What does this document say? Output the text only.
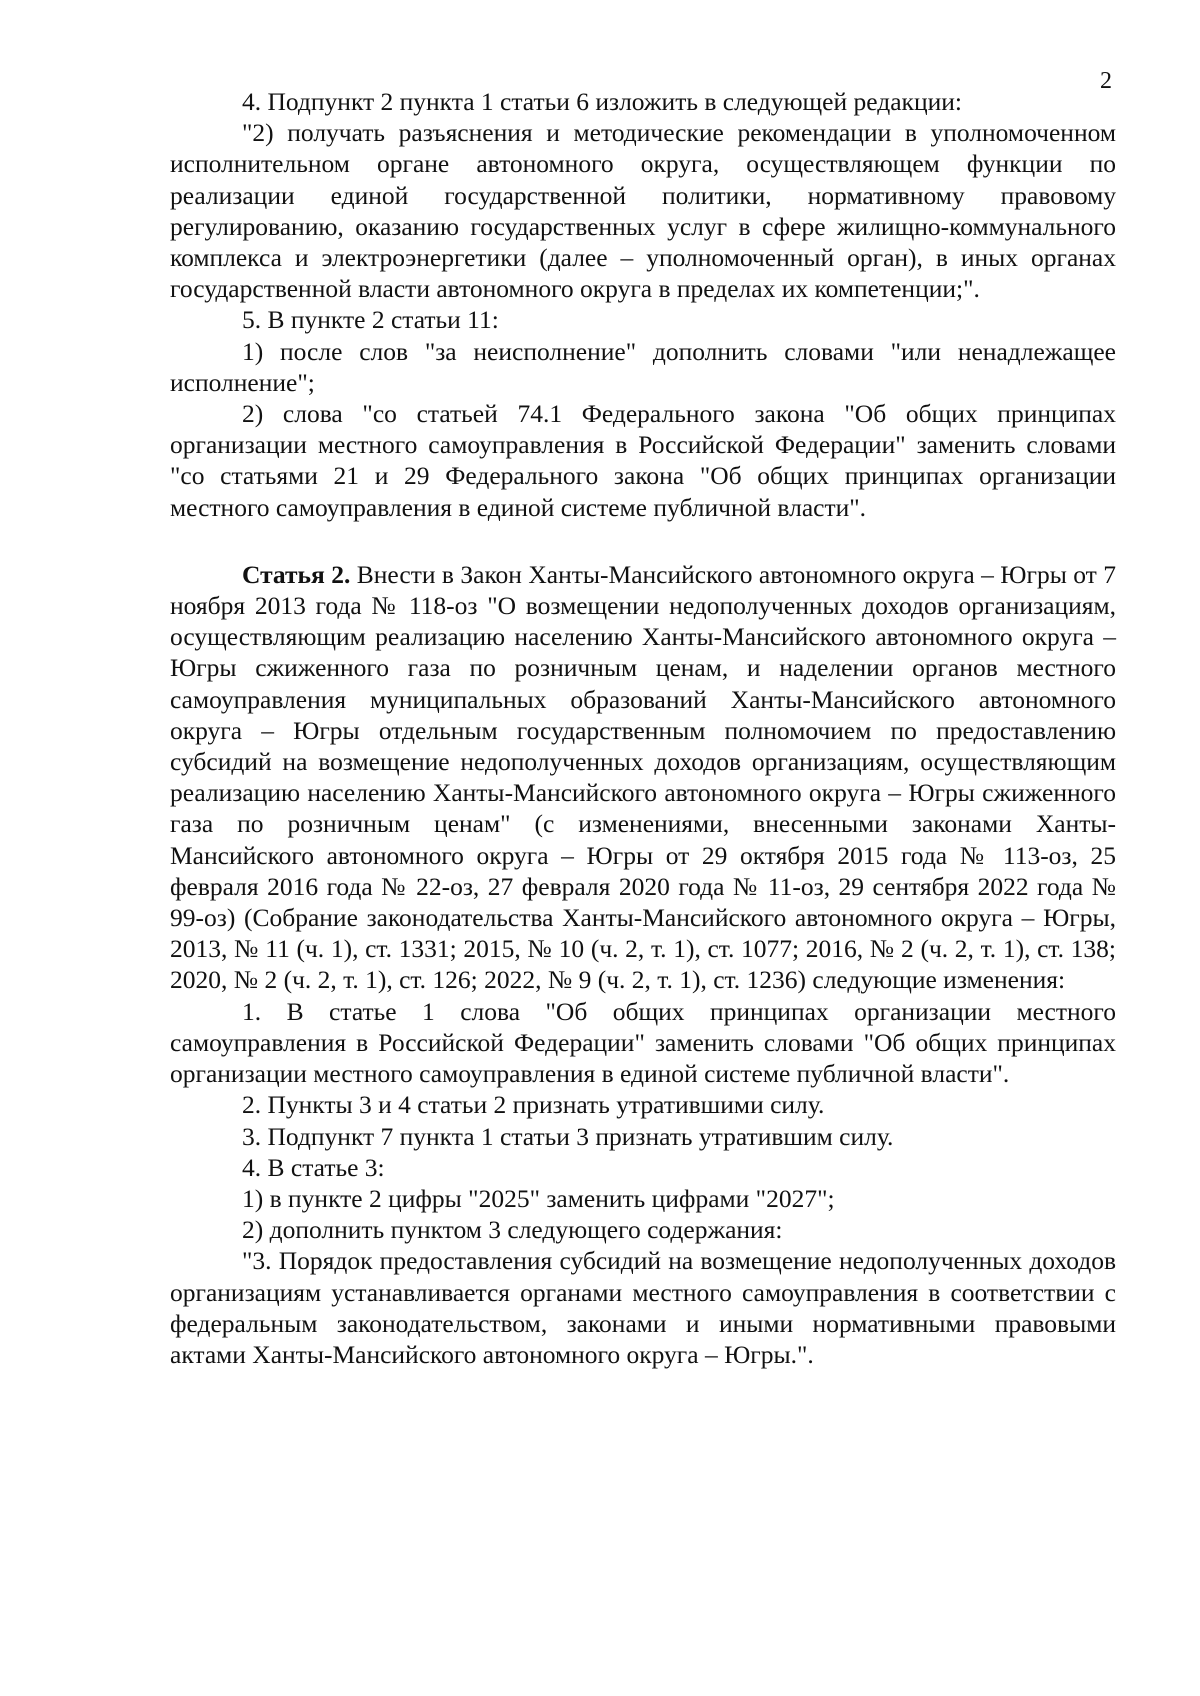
2

4. Подпункт 2 пункта 1 статьи 6 изложить в следующей редакции:

"2) получать разъяснения и методические рекомендации в уполномоченном исполнительном органе автономного округа, осуществляющем функции по реализации единой государственной политики, нормативному правовому регулированию, оказанию государственных услуг в сфере жилищно-коммунального комплекса и электроэнергетики (далее – уполномоченный орган), в иных органах государственной власти автономного округа в пределах их компетенции;".

5. В пункте 2 статьи 11:

1) после слов "за неисполнение" дополнить словами "или ненадлежащее исполнение";

2) слова "со статьей 74.1 Федерального закона "Об общих принципах организации местного самоуправления в Российской Федерации" заменить словами "со статьями 21 и 29 Федерального закона "Об общих принципах организации местного самоуправления в единой системе публичной власти".

Статья 2. Внести в Закон Ханты-Мансийского автономного округа – Югры от 7 ноября 2013 года № 118-оз "О возмещении недополученных доходов организациям, осуществляющим реализацию населению Ханты-Мансийского автономного округа – Югры сжиженного газа по розничным ценам, и наделении органов местного самоуправления муниципальных образований Ханты-Мансийского автономного округа – Югры отдельным государственным полномочием по предоставлению субсидий на возмещение недополученных доходов организациям, осуществляющим реализацию населению Ханты-Мансийского автономного округа – Югры сжиженного газа по розничным ценам" (с изменениями, внесенными законами Ханты-Мансийского автономного округа – Югры от 29 октября 2015 года № 113-оз, 25 февраля 2016 года № 22-оз, 27 февраля 2020 года № 11-оз, 29 сентября 2022 года № 99-оз) (Собрание законодательства Ханты-Мансийского автономного округа – Югры, 2013, № 11 (ч. 1), ст. 1331; 2015, № 10 (ч. 2, т. 1), ст. 1077; 2016, № 2 (ч. 2, т. 1), ст. 138; 2020, № 2 (ч. 2, т. 1), ст. 126; 2022, № 9 (ч. 2, т. 1), ст. 1236) следующие изменения:

1. В статье 1 слова "Об общих принципах организации местного самоуправления в Российской Федерации" заменить словами "Об общих принципах организации местного самоуправления в единой системе публичной власти".

2. Пункты 3 и 4 статьи 2 признать утратившими силу.

3. Подпункт 7 пункта 1 статьи 3 признать утратившим силу.

4. В статье 3:

1) в пункте 2 цифры "2025" заменить цифрами "2027";

2) дополнить пунктом 3 следующего содержания:

"3. Порядок предоставления субсидий на возмещение недополученных доходов организациям устанавливается органами местного самоуправления в соответствии с федеральным законодательством, законами и иными нормативными правовыми актами Ханты-Мансийского автономного округа – Югры.".
